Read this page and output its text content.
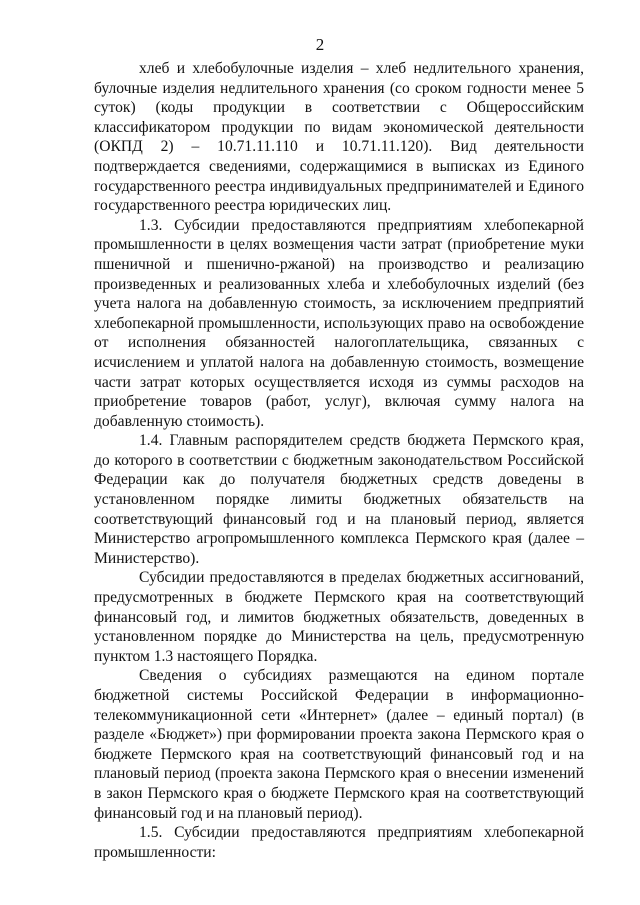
2

хлеб и хлебобулочные изделия – хлеб недлительного хранения, булочные изделия недлительного хранения (со сроком годности менее 5 суток) (коды продукции в соответствии с Общероссийским классификатором продукции по видам экономической деятельности (ОКПД 2) – 10.71.11.110 и 10.71.11.120). Вид деятельности подтверждается сведениями, содержащимися в выписках из Единого государственного реестра индивидуальных предпринимателей и Единого государственного реестра юридических лиц.

1.3. Субсидии предоставляются предприятиям хлебопекарной промышленности в целях возмещения части затрат (приобретение муки пшеничной и пшенично-ржаной) на производство и реализацию произведенных и реализованных хлеба и хлебобулочных изделий (без учета налога на добавленную стоимость, за исключением предприятий хлебопекарной промышленности, использующих право на освобождение от исполнения обязанностей налогоплательщика, связанных с исчислением и уплатой налога на добавленную стоимость, возмещение части затрат которых осуществляется исходя из суммы расходов на приобретение товаров (работ, услуг), включая сумму налога на добавленную стоимость).

1.4. Главным распорядителем средств бюджета Пермского края, до которого в соответствии с бюджетным законодательством Российской Федерации как до получателя бюджетных средств доведены в установленном порядке лимиты бюджетных обязательств на соответствующий финансовый год и на плановый период, является Министерство агропромышленного комплекса Пермского края (далее – Министерство).

Субсидии предоставляются в пределах бюджетных ассигнований, предусмотренных в бюджете Пермского края на соответствующий финансовый год, и лимитов бюджетных обязательств, доведенных в установленном порядке до Министерства на цель, предусмотренную пунктом 1.3 настоящего Порядка.

Сведения о субсидиях размещаются на едином портале бюджетной системы Российской Федерации в информационно-телекоммуникационной сети «Интернет» (далее – единый портал) (в разделе «Бюджет») при формировании проекта закона Пермского края о бюджете Пермского края на соответствующий финансовый год и на плановый период (проекта закона Пермского края о внесении изменений в закон Пермского края о бюджете Пермского края на соответствующий финансовый год и на плановый период).

1.5. Субсидии предоставляются предприятиям хлебопекарной промышленности:
